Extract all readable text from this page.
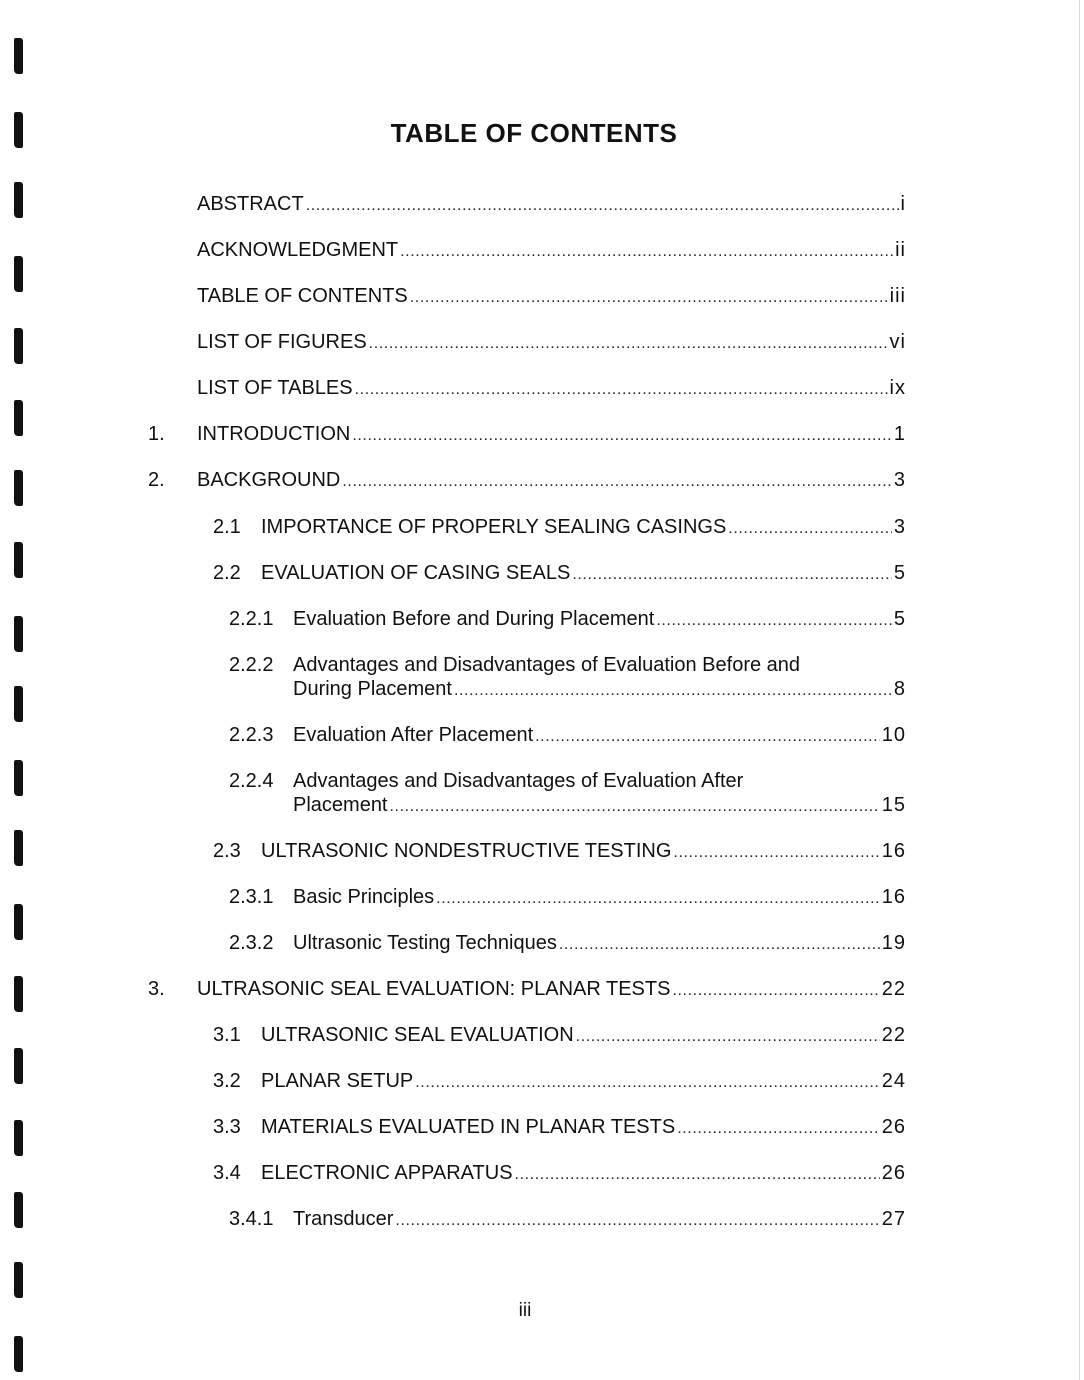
TABLE OF CONTENTS
ABSTRACT .....	i
ACKNOWLEDGMENT .....	ii
TABLE OF CONTENTS .....	iii
LIST OF FIGURES .....	vi
LIST OF TABLES .....	ix
1. INTRODUCTION .....	1
2. BACKGROUND .....	3
2.1 IMPORTANCE OF PROPERLY SEALING CASINGS .....	3
2.2 EVALUATION OF CASING SEALS .....	5
2.2.1 Evaluation Before and During Placement .....	5
2.2.2 Advantages and Disadvantages of Evaluation Before and
During Placement .....	8
2.2.3 Evaluation After Placement .....	10
2.2.4 Advantages and Disadvantages of Evaluation After
Placement .....	15
2.3 ULTRASONIC NONDESTRUCTIVE TESTING .....	16
2.3.1 Basic Principles .....	16
2.3.2 Ultrasonic Testing Techniques .....	19
3. ULTRASONIC SEAL EVALUATION: PLANAR TESTS .....	22
3.1 ULTRASONIC SEAL EVALUATION .....	22
3.2 PLANAR SETUP .....	24
3.3 MATERIALS EVALUATED IN PLANAR TESTS .....	26
3.4 ELECTRONIC APPARATUS .....	26
3.4.1 Transducer .....	27
iii
